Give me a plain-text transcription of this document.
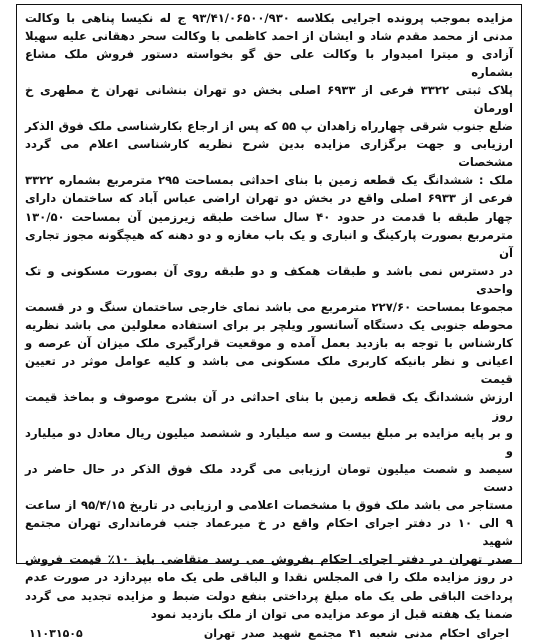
مزایده بموجب پرونده اجرایی بکلاسه ۹۳/۴۱/۰۶۵۰۰/۹۳۰ ج له نکیسا پناهی با وکالت

مدنی از محمد مقدم شاد و ایشان از احمد کاظمی با وکالت سحر دهقانی علیه سهیلا

آزادی و میترا امیدوار با وکالت علی حق گو بخواسته دستور فروش ملک مشاع بشماره

پلاک ثبتی ۳۳۲۲ فرعی از ۶۹۳۳ اصلی بخش دو تهران بنشانی تهران خ مطهری خ اورمان

ضلع جنوب شرقی چهارراه زاهدان پ ۵۵ که پس از ارجاع بکارشناسی ملک فوق الذکر

ارزیابی و جهت برگزاری مزایده بدین شرح نظریه کارشناسی اعلام می گردد مشخصات

ملک : ششدانگ یک قطعه زمین با بنای احداثی بمساحت ۲۹۵ مترمربع بشماره ۳۳۲۲

فرعی از ۶۹۳۳ اصلی واقع در بخش دو تهران اراضی عباس آباد که ساختمان دارای

چهار طبقه با قدمت در حدود ۴۰ سال ساخت طبقه زیرزمین آن بمساحت ۱۳۰/۵۰

مترمربع بصورت پارکینگ و انباری و یک باب مغازه و دو دهنه که هیچگونه مجوز تجاری آن

در دسترس نمی باشد و طبقات همکف و دو طبقه روی آن بصورت مسکونی و تک واحدی

مجموعا بمساحت ۲۲۷/۶۰ مترمربع می باشد نمای خارجی ساختمان سنگ و در قسمت

محوطه جنوبی یک دستگاه آسانسور ویلچر بر برای استفاده معلولین می باشد نظریه

کارشناس با توجه به بازدید بعمل آمده و موقعیت قرارگیری ملک میزان آن عرصه و

اعیانی و نظر بانیکه کاربری ملک مسکونی می باشد و کلیه عوامل موثر در تعیین قیمت

ارزش ششدانگ یک قطعه زمین با بنای احداثی در آن بشرح موصوف و بماخذ قیمت روز

و بر پایه مزایده بر مبلغ بیست و سه میلیارد و ششصد میلیون ریال معادل دو میلیارد و

سیصد و شصت میلیون تومان ارزیابی می گردد ملک فوق الذکر در حال حاضر در دست

مستاجر می باشد ملک فوق با مشخصات اعلامی و ارزیابی در تاریخ ۹۵/۴/۱۵ از ساعت

۹ الی ۱۰ در دفتر اجرای احکام واقع در خ میرعماد جنب فرمانداری تهران مجتمع شهید

صدر تهران در دفتر اجرای احکام بفروش می رسد متقاضی بایذ ۱۰٪ قیمت فروش

در روز مزایده ملک را فی المجلس نقدا و الباقی طی یک ماه بپردازد در صورت عدم

پرداخت الباقی طی یک ماه مبلغ پرداختی بنفع دولت ضبط و مزایده تجدید می گردد

ضمنا یک هفته قبل از موعد مزایده می توان از ملک بازدید نمود

اجرای احکام مدنی شعبه ۴۱ مجتمع شهید صدر تهران
۱۱۰۳۱۵۰۵
